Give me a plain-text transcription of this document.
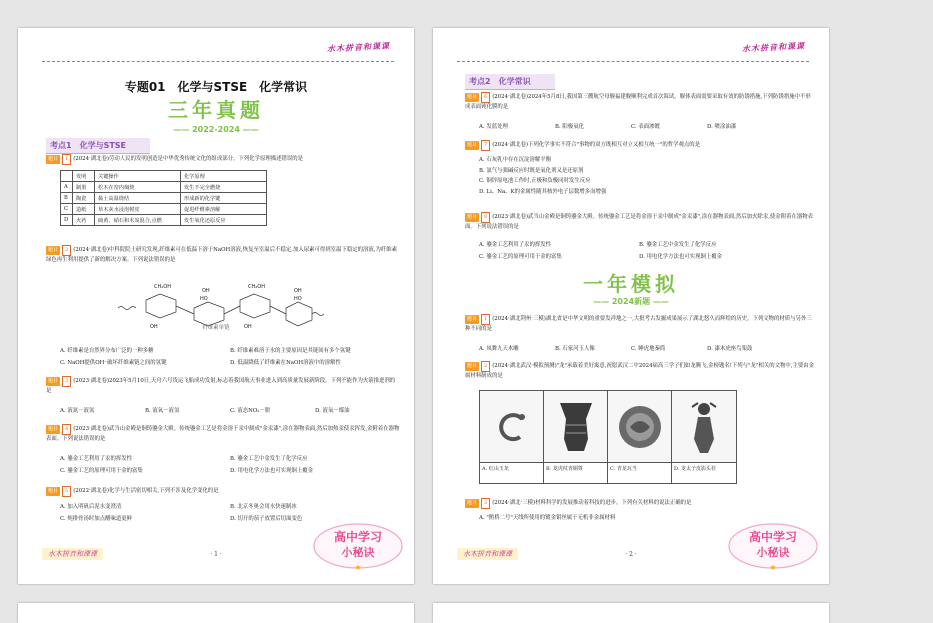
水木拼音和课课
专题01　化学与STSE　化学常识
三年真题
—— 2022-2024 ——
考点1　化学与STSE
题目 1 (2024·湖北卷)劳动人民的发明创造是中华优秀传统文化的组成部分。下列化学原理描述错误的是
	发明	关键操作	化学原理
A	制墨	松木在窑内焖烧	发生不完全燃烧
B	陶瓷	黏土高温烧结	形成新的化学键
C	造纸	草木灰水浸泡树皮	促进纤维素溶解
D	火药	硫黄、硝石和木炭混合,点燃	发生氧化还原反应
题目 2 (2024·湖北卷)中科院院士研究发现,纤维素可在低温下溶于NaOH溶液,恢复至室温后不稳定,加入尿素可得到室温下稳定的溶液,为纤维素绿色再生利用提供了新的解决方案。下列说法错误的是
CH₂OH
OH
CH₂OH
OH
OH
HO
OH
HO
纤维素单链
A. 纤维素是自然界分布广泛的一种多糖	B. 纤维素难溶于水的主要原因是其链间有多个氢键
C. NaOH提供OH⁻破坏纤维素链之间的氢键	D. 低温降低了纤维素在NaOH溶液中的溶解性
题目 3 (2023·湖北卷)2023年5月10日,天舟六号货运飞船成功发射,标志着我国航天事业进入到高质量发展新阶段。下列不能作为火箭推进剂的是
A. 液氮－液氢	B. 液氧－液氢	C. 液态NO₂－肼	D. 液氧－煤油
题目 4 (2023·湖北卷)武当山金殿是铜铸鎏金大殿。传统鎏金工艺是将金溶于汞中制成"金汞漆",涂在器物表面,然后加热汞使汞挥发,金附着在器物表面。下列说法错误的是
A. 鎏金工艺利用了汞的挥发性	B. 鎏金工艺中金发生了化学反应
C. 鎏金工艺的原理可用于金的富集	D. 用电化学方法也可实现铜上覆金
题目 5 (2022·湖北卷)化学与生活密切相关,下列不涉及化学变化的是
A. 加入明矾后泥水变澄清	B. 北京冬奥会用水快速制冰
C. 炖排骨汤时加点醋味道更鲜	D. 切开的茄子放置后切面变色
水木拼音和课课	· 1 ·
★
高中学习
小秘诀
水木拼音和课课
考点2　化学常识
题目 6 (2024·湖北卷)2024年5月8日,我国第三艘航空母舰福建舰顺利完成首次海试。舰体表面需要采取有效的防锈措施,下列防锈措施中不形成表面钝化膜的是
A. 发蓝处理	B. 阳极氧化	C. 表面渗镀	D. 喷涂油漆
题目 7 (2024·湖北卷)下列化学事实不符合"事物的双方既相互对立又相互统一"的哲学观点的是
A. 石灰乳中存在沉淀溶解平衡
B. 氯气与强碱反应时既是氧化剂又是还原剂
C. 铜锌原电池工作时,正极和负极同时发生反应
D. Li、Na、K的金属性随其核外电子层数增多而增强
题目 8 (2023·湖北卷)武当山金殿是铜铸鎏金大殿。传统鎏金工艺是将金溶于汞中制成"金汞漆",涂在器物表面,然后加火除汞,使金附着在器物表面。下列说法错误的是
A. 鎏金工艺利用了汞的挥发性	B. 鎏金工艺中金发生了化学反应
C. 鎏金工艺的原理可用于金的富集	D. 用电化学方法也可实现铜上覆金
一年模拟
—— 2024新题 ——
题目 1 (2024·湖北荆州·三模)湖北省是中华文明的重要发祥地之一,大批考古发掘成果展示了湖北悠久而辉煌的历史。下列文物的材质与另外三种不同的是
A. 凤舞九天木雕	B. 石家河玉人像	C. 睡虎地秦简	D. 漆木虎座鸟架鼓
题目 2 (2024·湖北武汉·模拟预测)"龙"承载着美好寓意,祝愿武汉二中2024届高三学子们如龙腾飞,金榜题名!下列与"龙"相关的文物中,主要由金属材料制成的是
A. 红山玉龙	B. 龙虎纹青铜尊	C. 青龙瓦当	D. 龙太子皮影头茬
题目 3 (2024·湖北·三模)材料科学的发展推动着科技的进步。下列有关材料的说法正确的是
A. "鹊桥二号"天线所使用的镀金钼丝属于无机非金属材料
水木拼音和课课	· 2 ·
★
高中学习
小秘诀
